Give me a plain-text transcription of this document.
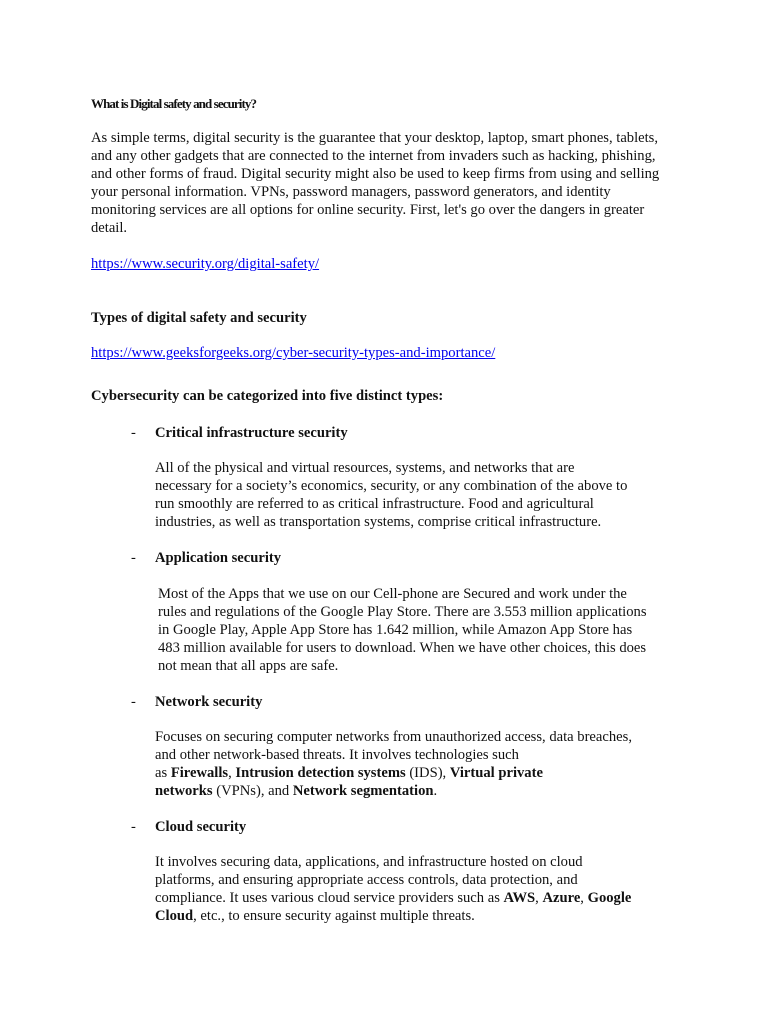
What is Digital safety and security?

As simple terms, digital security is the guarantee that your desktop, laptop, smart phones, tablets,
and any other gadgets that are connected to the internet from invaders such as hacking, phishing,
and other forms of fraud. Digital security might also be used to keep firms from using and selling
your personal information. VPNs, password managers, password generators, and identity
monitoring services are all options for online security. First, let's go over the dangers in greater
detail.
https://www.security.org/digital-safety/

Types of digital safety and security

https://www.geeksforgeeks.org/cyber-security-types-and-importance/

Cybersecurity can be categorized into five distinct types:

- Critical infrastructure security

All of the physical and virtual resources, systems, and networks that are
necessary for a society’s economics, security, or any combination of the above to
run smoothly are referred to as critical infrastructure. Food and agricultural
industries, as well as transportation systems, comprise critical infrastructure.
- Application security

Most of the Apps that we use on our Cell-phone are Secured and work under the
rules and regulations of the Google Play Store. There are 3.553 million applications
in Google Play, Apple App Store has 1.642 million, while Amazon App Store has
483 million available for users to download. When we have other choices, this does
not mean that all apps are safe.
- Network security

Focuses on securing computer networks from unauthorized access, data breaches,
and other network-based threats. It involves technologies such
as Firewalls, Intrusion detection systems (IDS), Virtual private
networks (VPNs), and Network segmentation.
- Cloud security

It involves securing data, applications, and infrastructure hosted on cloud
platforms, and ensuring appropriate access controls, data protection, and
compliance. It uses various cloud service providers such as AWS, Azure, Google
Cloud, etc., to ensure security against multiple threats.
